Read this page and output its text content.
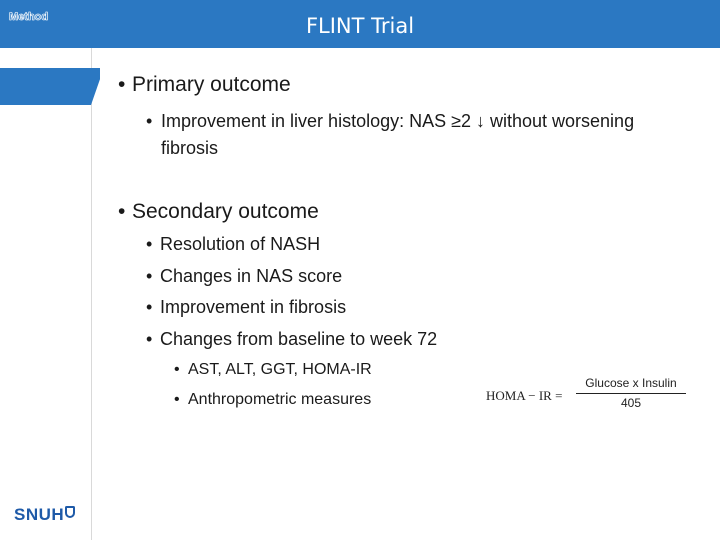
FLINT Trial
Method
• Primary outcome
• Improvement in liver histology: NAS ≥2 ↓ without worsening fibrosis
• Secondary outcome
• Resolution of NASH
• Changes in NAS score
• Improvement in fibrosis
• Changes from baseline to week 72
• AST, ALT, GGT, HOMA-IR
• Anthropometric measures	HOMA − IR =
Glucose x Insulin
405
SNUH
